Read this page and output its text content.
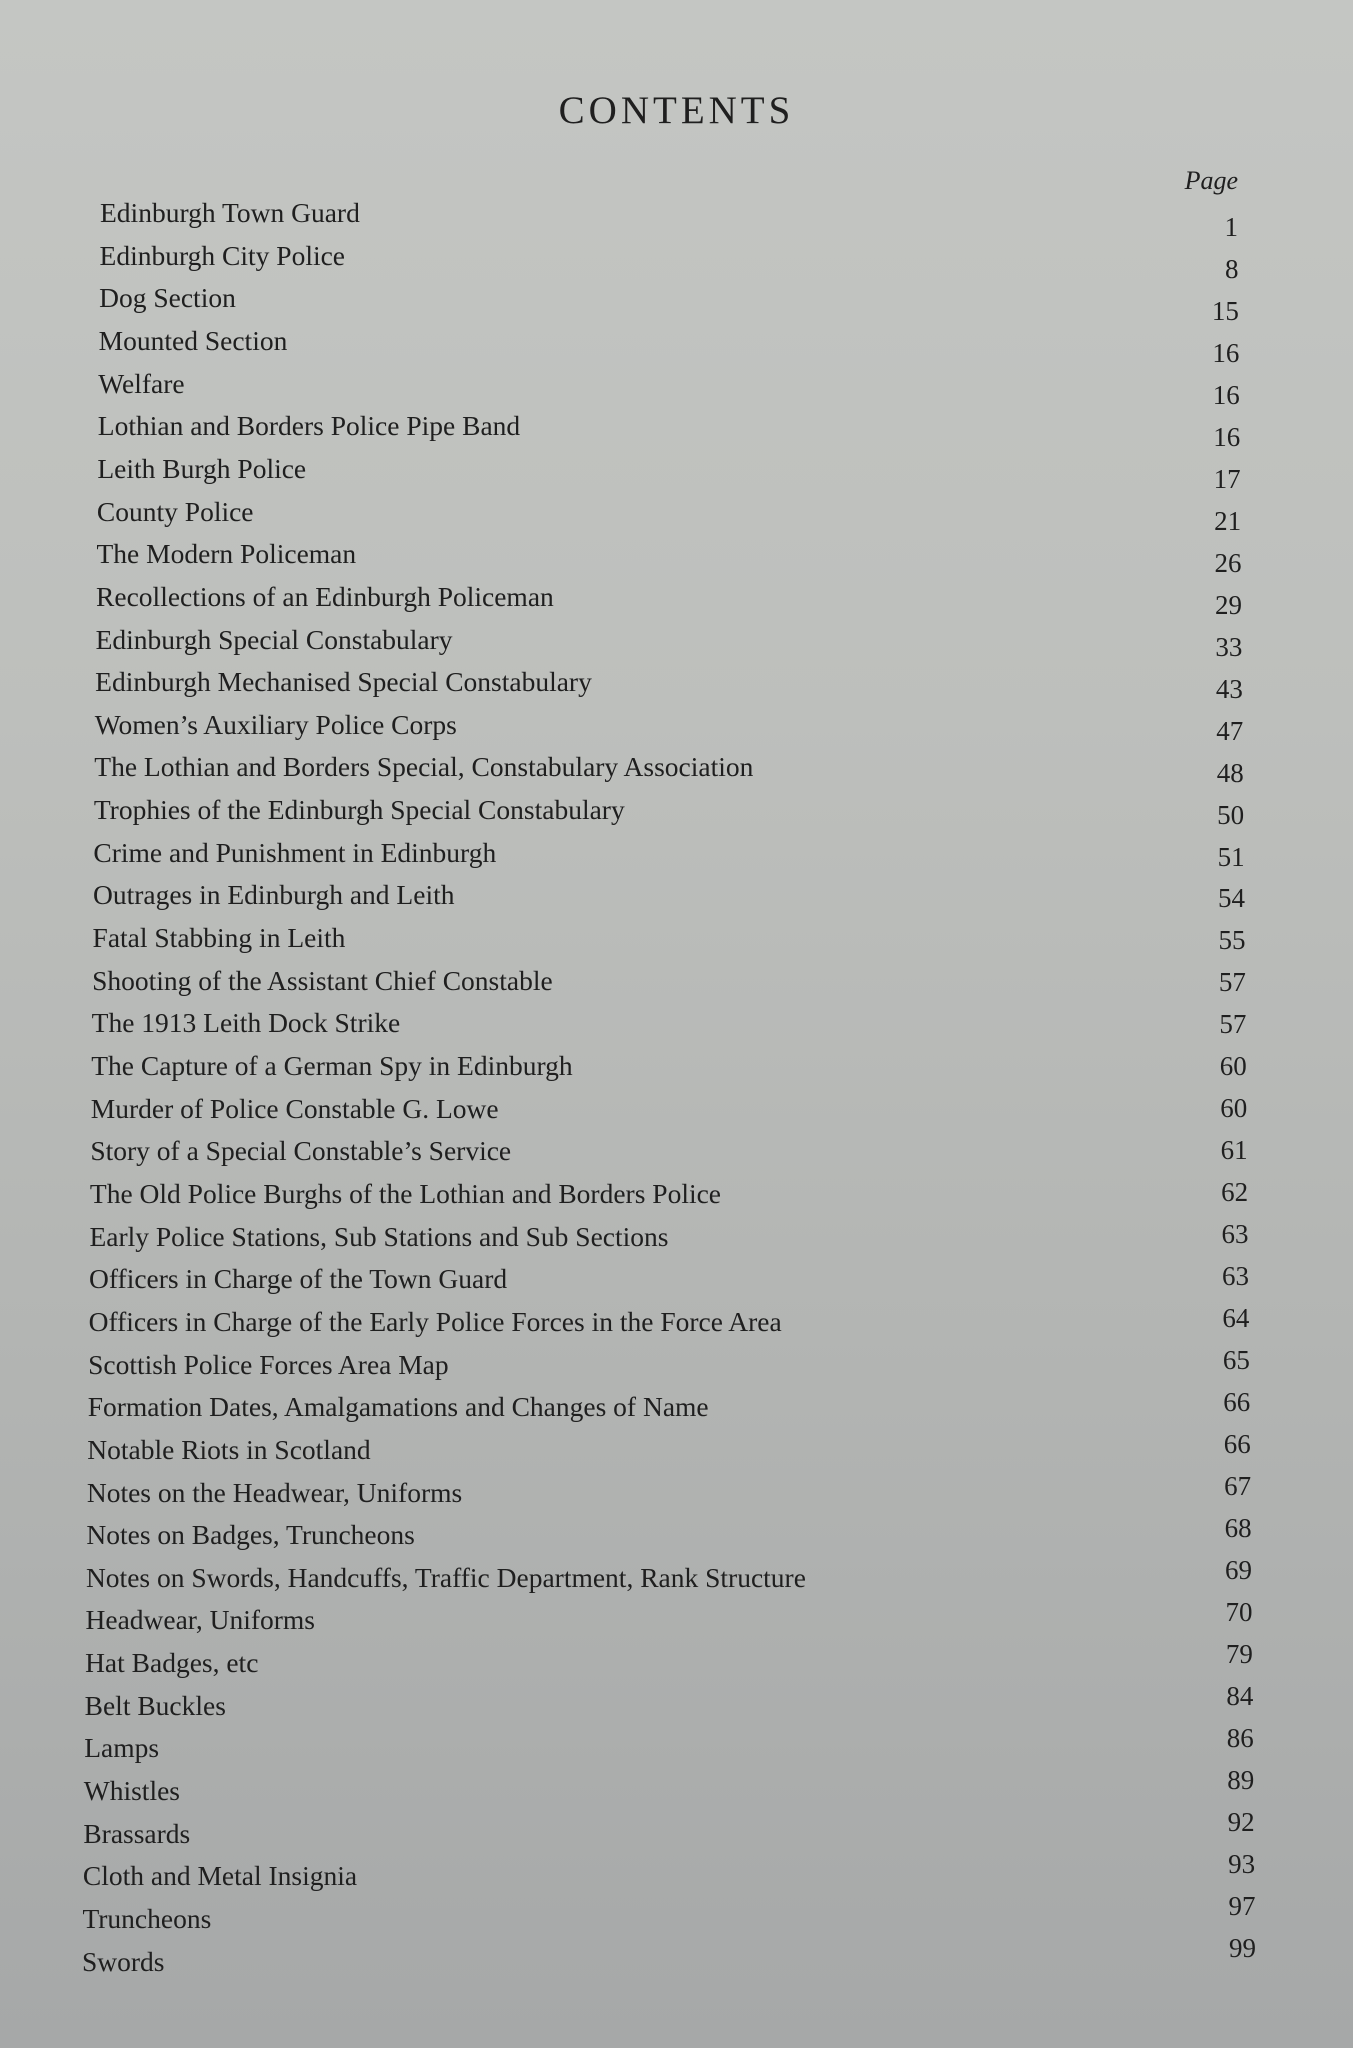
CONTENTS
Page
Edinburgh Town Guard	1
Edinburgh City Police	8
Dog Section	15
Mounted Section	16
Welfare	16
Lothian and Borders Police Pipe Band	16
Leith Burgh Police	17
County Police	21
The Modern Policeman	26
Recollections of an Edinburgh Policeman	29
Edinburgh Special Constabulary	33
Edinburgh Mechanised Special Constabulary	43
Women’s Auxiliary Police Corps	47
The Lothian and Borders Special, Constabulary Association	48
Trophies of the Edinburgh Special Constabulary	50
Crime and Punishment in Edinburgh	51
Outrages in Edinburgh and Leith	54
Fatal Stabbing in Leith	55
Shooting of the Assistant Chief Constable	57
The 1913 Leith Dock Strike	57
The Capture of a German Spy in Edinburgh	60
Murder of Police Constable G. Lowe	60
Story of a Special Constable’s Service	61
The Old Police Burghs of the Lothian and Borders Police	62
Early Police Stations, Sub Stations and Sub Sections	63
Officers in Charge of the Town Guard	63
Officers in Charge of the Early Police Forces in the Force Area	64
Scottish Police Forces Area Map	65
Formation Dates, Amalgamations and Changes of Name	66
Notable Riots in Scotland	66
Notes on the Headwear, Uniforms	67
Notes on Badges, Truncheons	68
Notes on Swords, Handcuffs, Traffic Department, Rank Structure	69
Headwear, Uniforms	70
Hat Badges, etc	79
Belt Buckles	84
Lamps	86
Whistles	89
Brassards	92
Cloth and Metal Insignia	93
Truncheons	97
Swords	99
